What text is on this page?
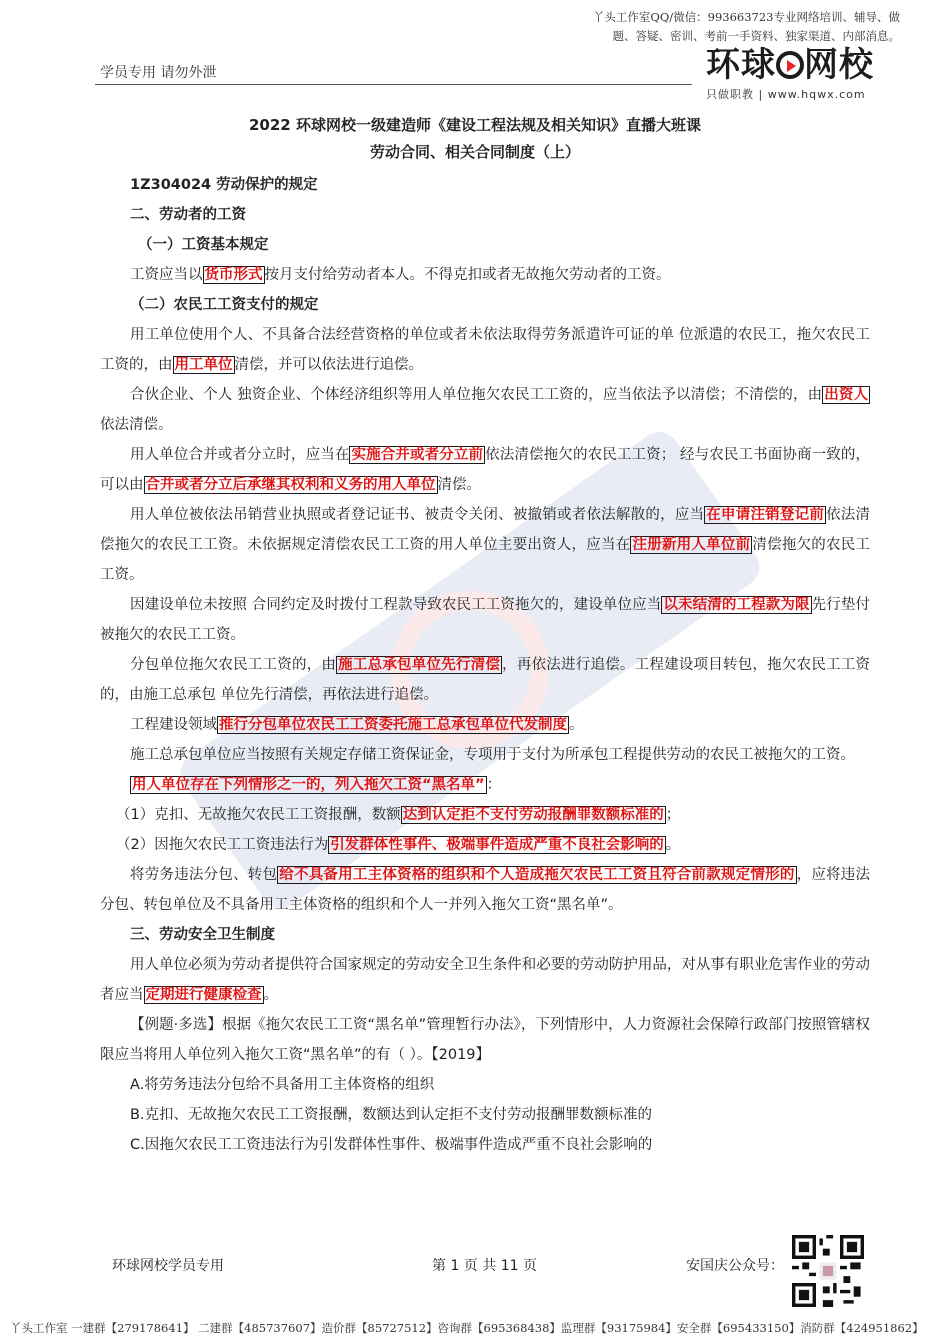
丫头工作室QQ/微信：993663723专业网络培训、辅导、做题、答疑、密训、考前一手资料、独家渠道、内部消息。
学员专用 请勿外泄	环球 网校
只做职教 | www.hqwx.com
2022 环球网校一级建造师《建设工程法规及相关知识》直播大班课
劳动合同、相关合同制度（上）

1Z304024 劳动保护的规定

二、劳动者的工资

（一）工资基本规定

工资应当以 货币形式 按月支付给劳动者本人。不得克扣或者无故拖欠劳动者的工资。

（二）农民工工资支付的规定

用工单位使用个人、不具备合法经营资格的单位或者未依法取得劳务派遣许可证的单 位派遣的农民工，拖欠农民工工资的，由 用工单位 清偿，并可以依法进行追偿。

合伙企业、个人 独资企业、个体经济组织等用人单位拖欠农民工工资的，应当依法予以清偿；不清偿的，由 出资人依法清偿。

用人单位合并或者分立时，应当在 实施合并或者分立前 依法清偿拖欠的农民工工资； 经与农民工书面协商一致的，可以由 合并或者分立后承继其权利和义务的用人单位 清偿。

用人单位被依法吊销营业执照或者登记证书、被责令关闭、被撤销或者依法解散的，应当 在申请注销登记前 依法清偿拖欠的农民工工资。未依据规定清偿农民工工资的用人单位主要出资人，应当在 注册新用人单位前 清偿拖欠的农民工工资。

因建设单位未按照 合同约定及时拨付工程款导致农民工工资拖欠的，建设单位应当 以未结清的工程款为限 先行垫付被拖欠的农民工工资。

分包单位拖欠农民工工资的，由 施工总承包单位先行清偿 ，再依法进行追偿。工程建设项目转包，拖欠农民工工资的，由施工总承包 单位先行清偿，再依法进行追偿。

工程建设领域 推行分包单位农民工工资委托施工总承包单位代发制度 。

施工总承包单位应当按照有关规定存储工资保证金，专项用于支付为所承包工程提供劳动的农民工被拖欠的工资。

用人单位存在下列情形之一的，列入拖欠工资“黑名单” ：

（1）克扣、无故拖欠农民工工资报酬，数额 达到认定拒不支付劳动报酬罪数额标准的 ；

（2）因拖欠农民工工资违法行为 引发群体性事件、极端事件造成严重不良社会影响的 。

将劳务违法分包、转包 给不具备用工主体资格的组织和个人造成拖欠农民工工资且符合前款规定情形的 ，应将违法分包、转包单位及不具备用工主体资格的组织和个人一并列入拖欠工资“黑名单”。

三、劳动安全卫生制度

用人单位必须为劳动者提供符合国家规定的劳动安全卫生条件和必要的劳动防护用品，对从事有职业危害作业的劳动者应当 定期进行健康检查 。

【例题·多选】根据《拖欠农民工工资“黑名单”管理暂行办法》，下列情形中，人力资源社会保障行政部门按照管辖权限应当将用人单位列入拖欠工资“黑名单”的有（ ）。【2019】

A.将劳务违法分包给不具备用工主体资格的组织

B.克扣、无故拖欠农民工工资报酬，数额达到认定拒不支付劳动报酬罪数额标准的

C.因拖欠农民工工资违法行为引发群体性事件、极端事件造成严重不良社会影响的

环球网校学员专用	第 1 页 共 11 页	安国庆公众号：
丫头工作室 一建群【279178641】 二建群【485737607】造价群【85727512】咨询群【695368438】监理群【93175984】安全群【695433150】消防群【424951862】
